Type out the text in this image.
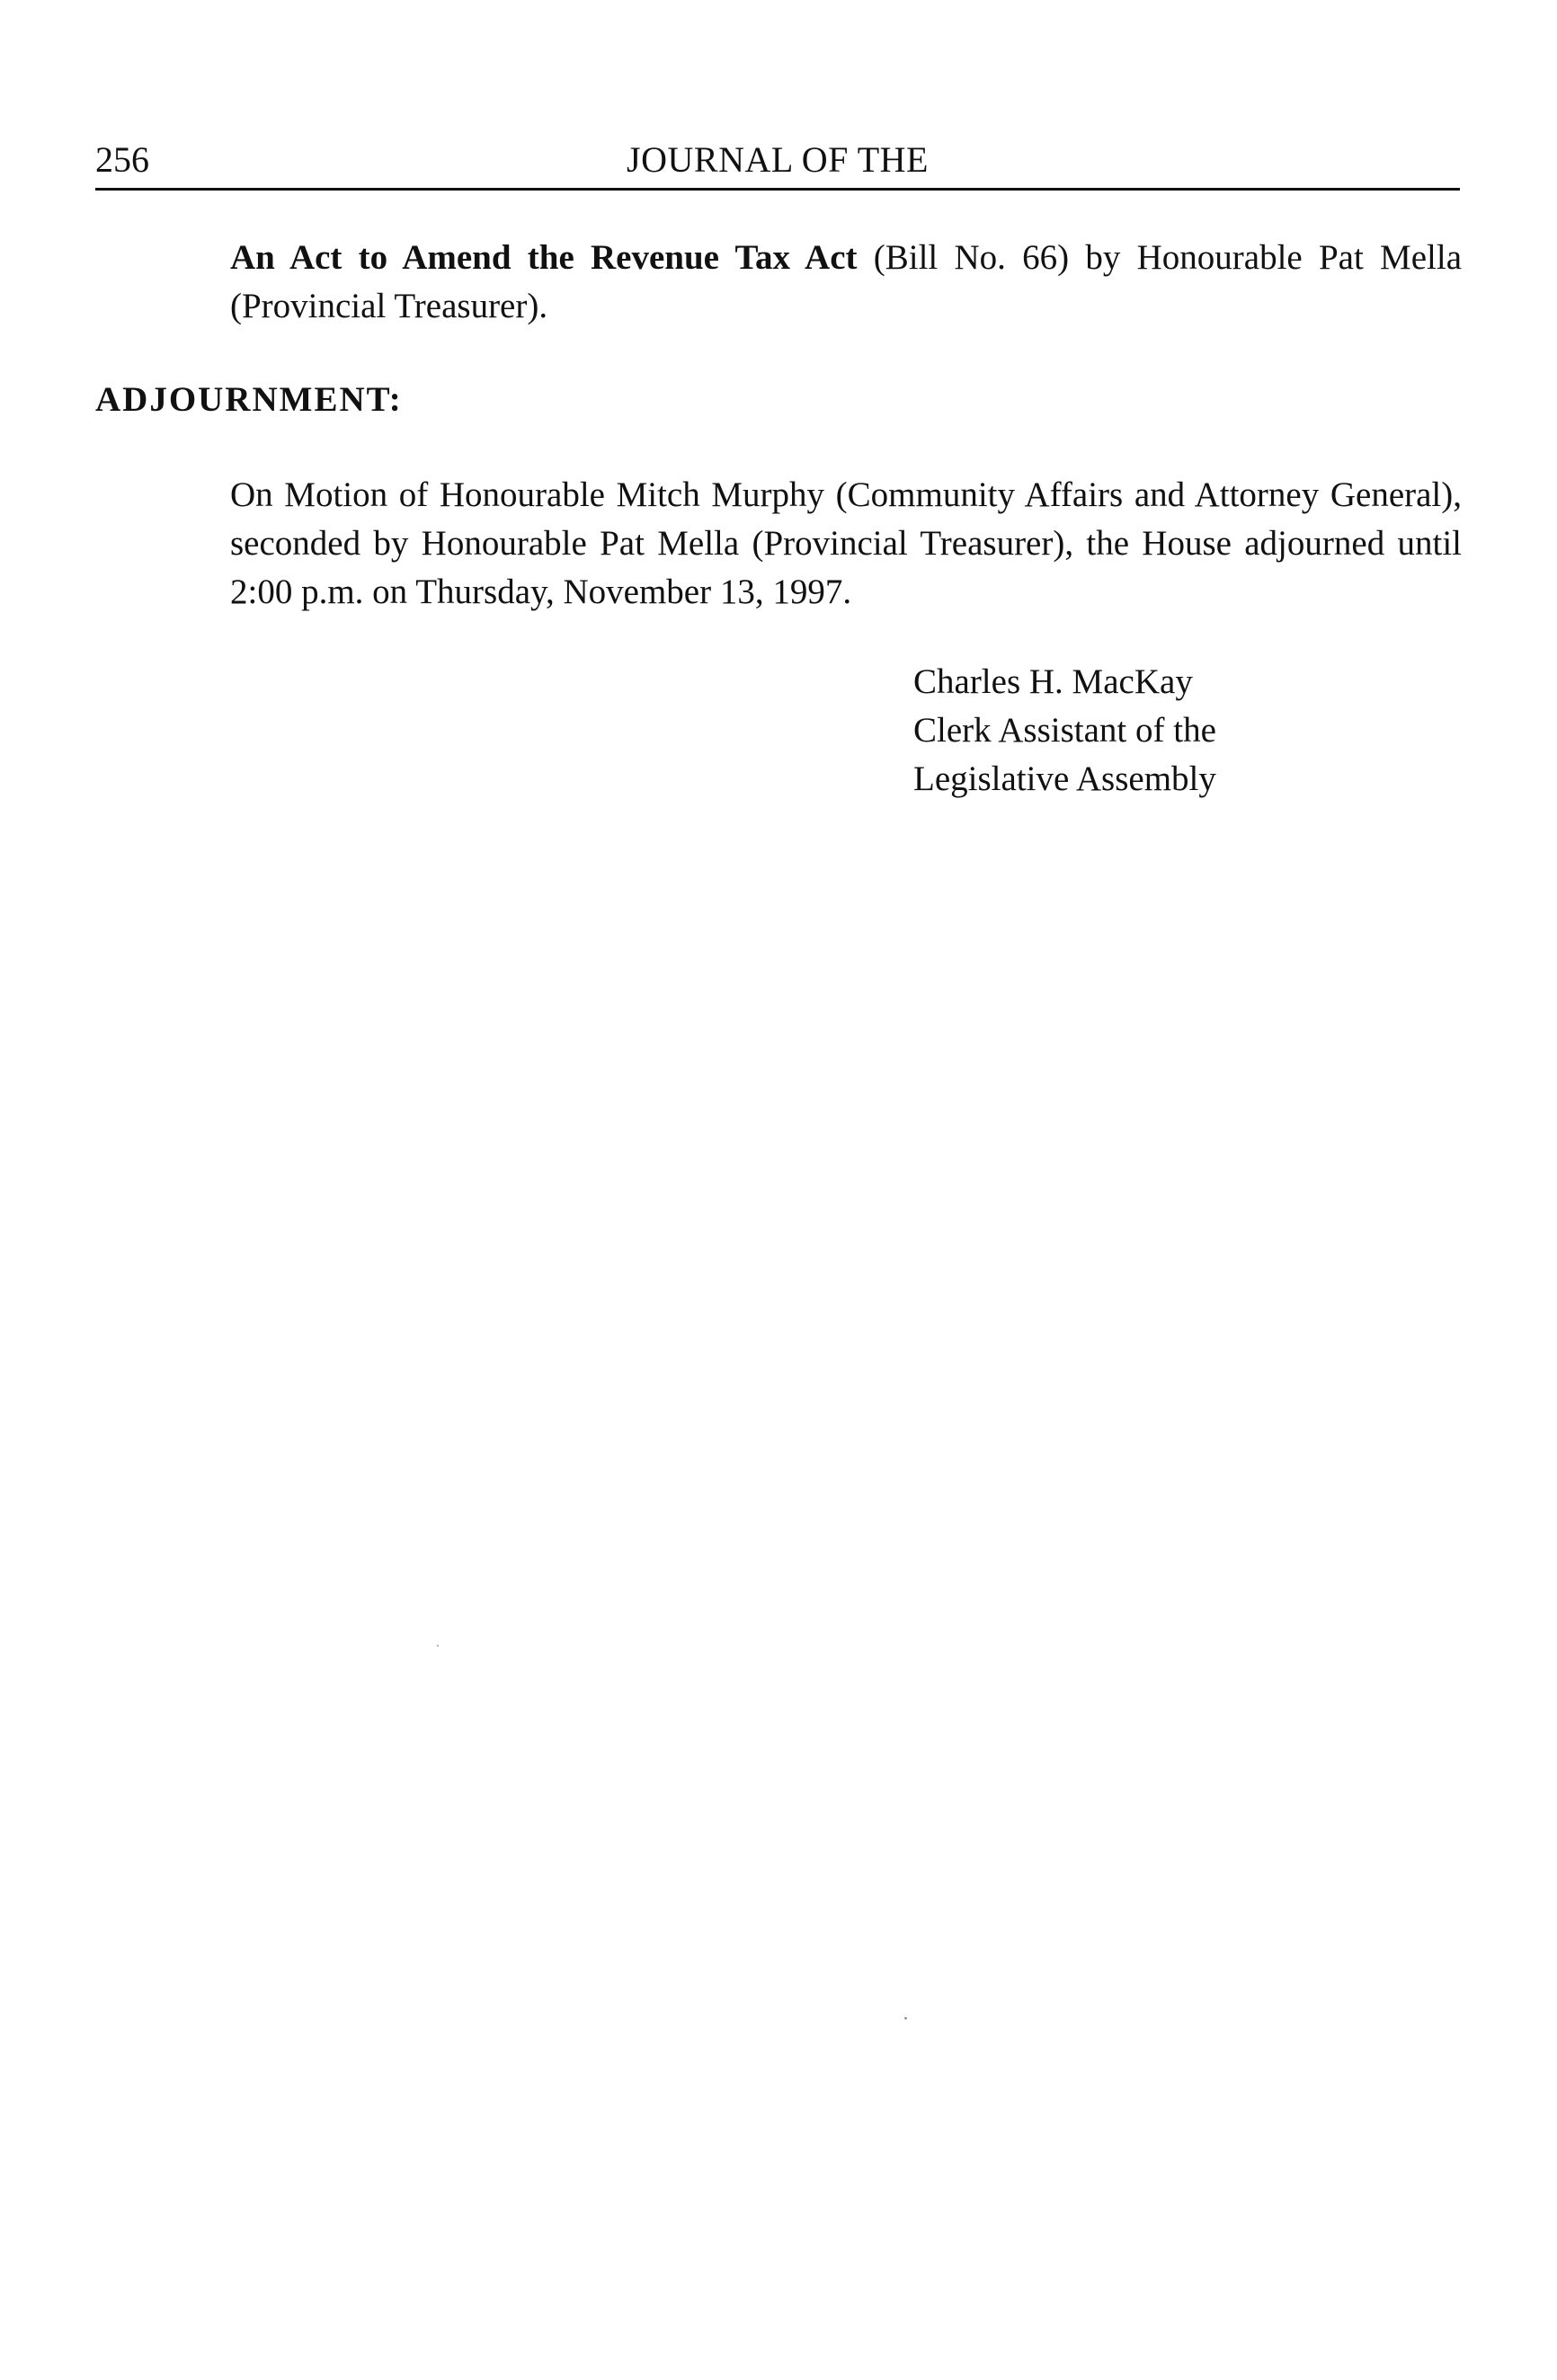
256	JOURNAL OF THE

An Act to Amend the Revenue Tax Act (Bill No. 66) by Honourable Pat Mella (Provincial Treasurer).

ADJOURNMENT:

On Motion of Honourable Mitch Murphy (Community Affairs and Attorney General), seconded by Honourable Pat Mella (Provincial Treasurer), the House adjourned until 2:00 p.m. on Thursday, November 13, 1997.

Charles H. MacKay
Clerk Assistant of the
Legislative Assembly
